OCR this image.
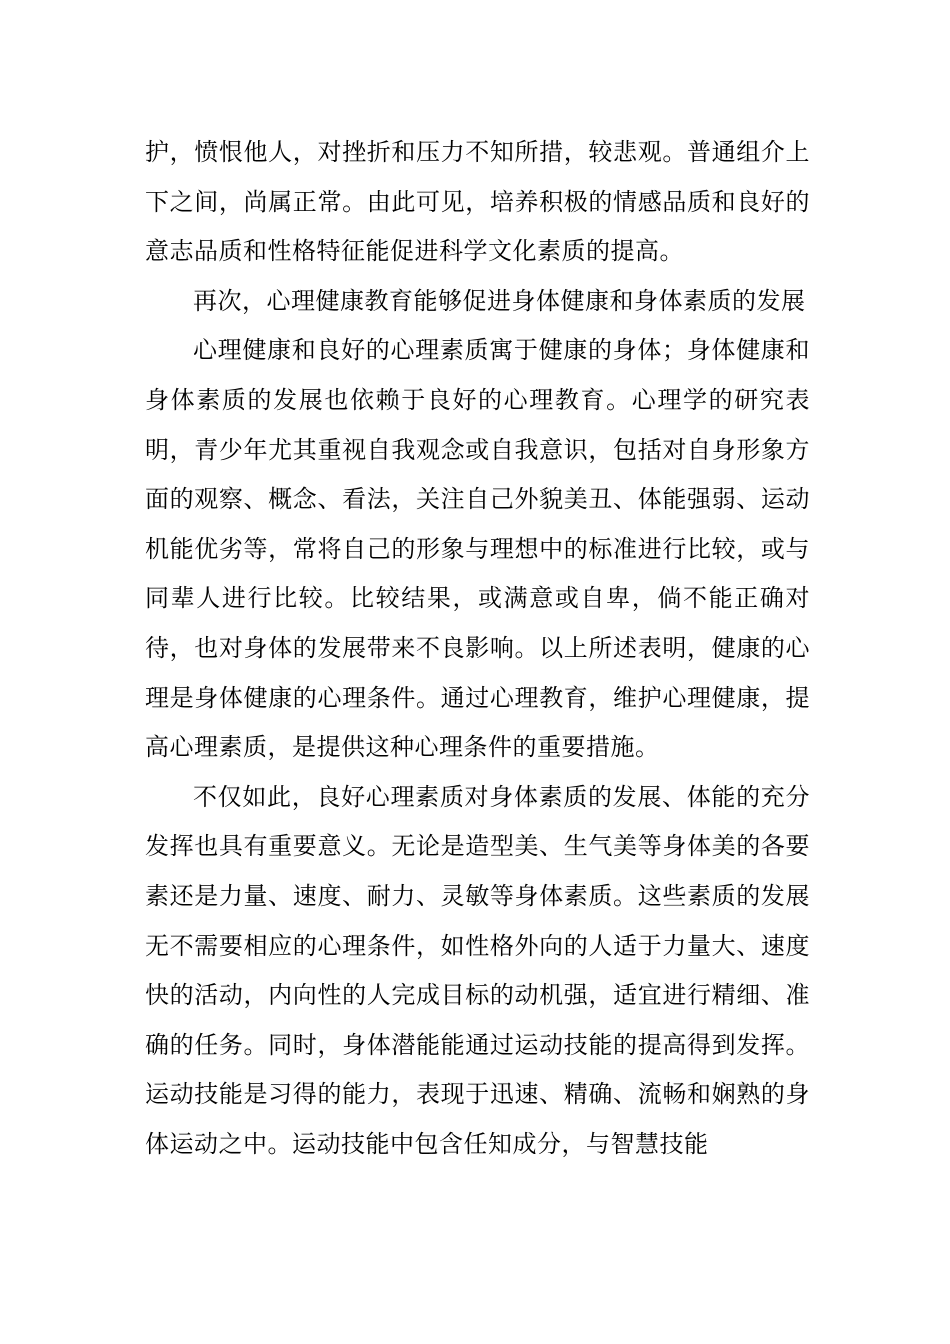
护，愤恨他人，对挫折和压力不知所措，较悲观。普通组介上下之间，尚属正常。由此可见，培养积极的情感品质和良好的意志品质和性格特征能促进科学文化素质的提高。

再次，心理健康教育能够促进身体健康和身体素质的发展

心理健康和良好的心理素质寓于健康的身体；身体健康和身体素质的发展也依赖于良好的心理教育。心理学的研究表明，青少年尤其重视自我观念或自我意识，包括对自身形象方面的观察、概念、看法，关注自己外貌美丑、体能强弱、运动机能优劣等，常将自己的形象与理想中的标准进行比较，或与同辈人进行比较。比较结果，或满意或自卑，倘不能正确对待，也对身体的发展带来不良影响。以上所述表明，健康的心理是身体健康的心理条件。通过心理教育，维护心理健康，提高心理素质，是提供这种心理条件的重要措施。

不仅如此，良好心理素质对身体素质的发展、体能的充分发挥也具有重要意义。无论是造型美、生气美等身体美的各要素还是力量、速度、耐力、灵敏等身体素质。这些素质的发展无不需要相应的心理条件，如性格外向的人适于力量大、速度快的活动，内向性的人完成目标的动机强，适宜进行精细、准确的任务。同时，身体潜能能通过运动技能的提高得到发挥。运动技能是习得的能力，表现于迅速、精确、流畅和娴熟的身体运动之中。运动技能中包含任知成分，与智慧技能
